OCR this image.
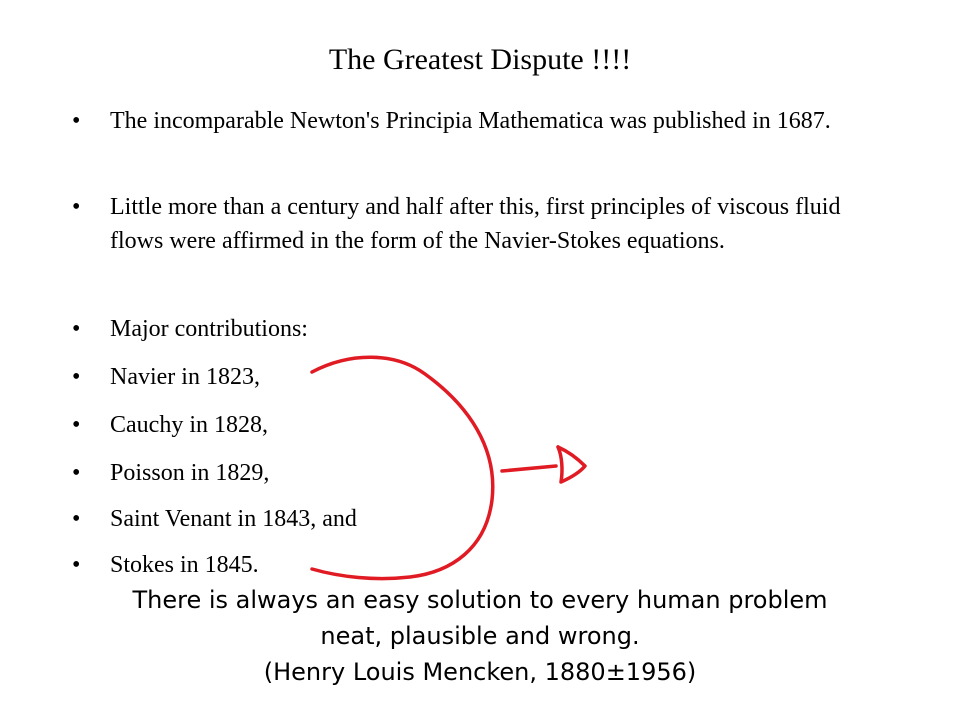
The Greatest Dispute !!!!
• The incomparable Newton's Principia Mathematica was published in 1687.
• Little more than a century and half after this, first principles of viscous fluid flows were affirmed in the form of the Navier-Stokes equations.
• Major contributions:
• Navier in 1823,
• Cauchy in 1828,
• Poisson in 1829,
• Saint Venant in 1843, and
• Stokes in 1845.
There is always an easy solution to every human problem
neat, plausible and wrong.
(Henry Louis Mencken, 1880±1956)
